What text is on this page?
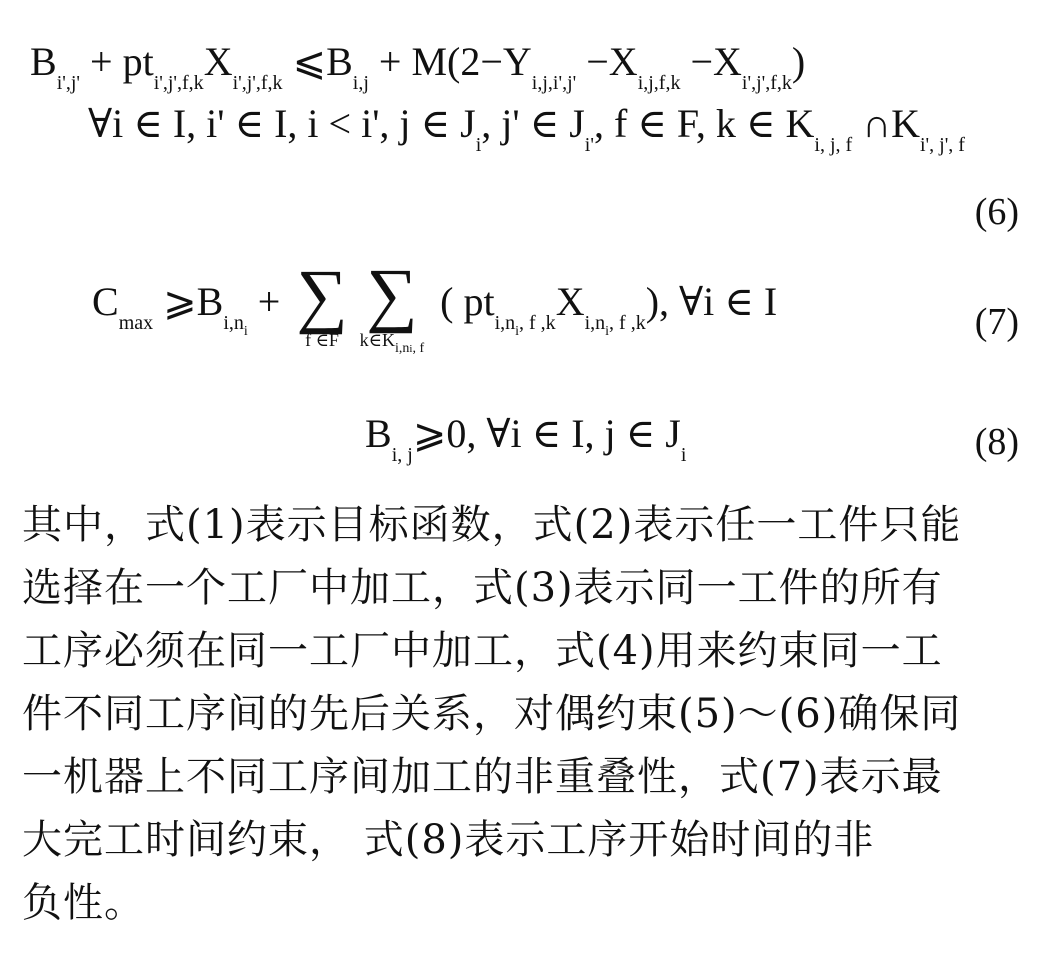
$B_{i',j'} + pt_{i',j',f,k}X_{i',j',f,k}$ $⩽B_{i,j} + M(2-Y_{i,j,i',j'} -X_{i,j,f,k} -X_{i',j',f,k})$
∀i ∈ I, i' ∈ I, i < i', j ∈ $J_i$, j' ∈ $J_{i'}$, f ∈ F, k ∈ $K_{i, j, f}$ $\cap K_{i', j', f}$
(6)
$C_{max}$ $⩾B_{i,n_i}$ + ∑
f ∈F
∑
$k\in K_{i,ni, f}$
( $pt_{i,n_i, f ,k}X_{i,n_i, f ,k}$), ∀i ∈ I	(7)
$B_{i, j}⩾0$, ∀i ∈ I, j ∈ $J_i$	(8)
其中，式(1)表示目标函数，式(2)表示任一工件只能
选择在一个工厂中加工，式(3)表示同一工件的所有
工序必须在同一工厂中加工，式(4)用来约束同一工
件不同工序间的先后关系，对偶约束(5)～(6)确保同
一机器上不同工序间加工的非重叠性，式(7)表示最
大完工时间约束， 式(8)表示工序开始时间的非
负性。
